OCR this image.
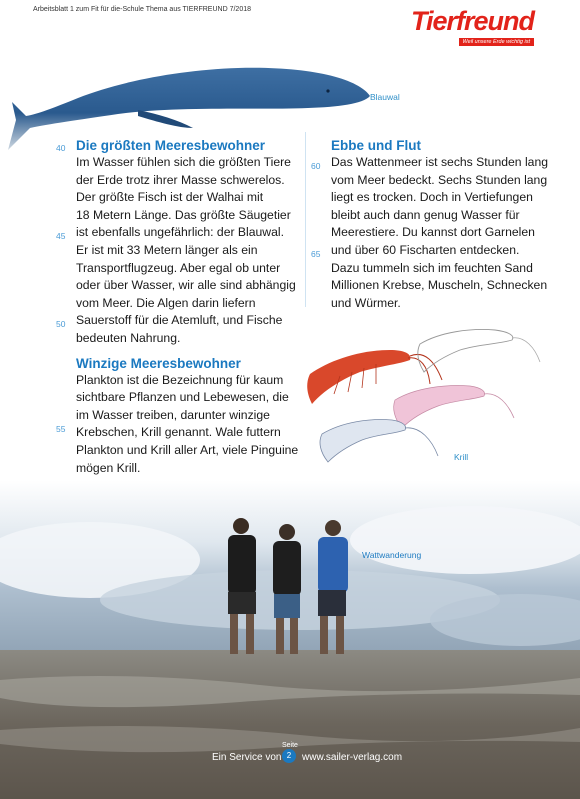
Arbeitsblatt 1 zum Fit für die-Schule Thema aus TIERFREUND 7/2018	Tierfreund
Weil unsere Erde wichtig ist
Blauwal
Die größten Meeresbewohner
Im Wasser fühlen sich die größten Tiere
der Erde trotz ihrer Masse schwerelos.
Der größte Fisch ist der Walhai mit
18 Metern Länge. Das größte Säugetier
ist ebenfalls ungefährlich: der Blauwal.
Er ist mit 33 Metern länger als ein
Transportflugzeug. Aber egal ob unter
oder über Wasser, wir alle sind abhängig
vom Meer. Die Algen darin liefern
Sauerstoff für die Atemluft, und Fische
bedeuten Nahrung.
Winzige Meeresbewohner
Plankton ist die Bezeichnung für kaum
sichtbare Pflanzen und Lebewesen, die
im Wasser treiben, darunter winzige
Krebschen, Krill genannt. Wale futtern
Plankton und Krill aller Art, viele Pinguine
mögen Krill.
Ebbe und Flut
Das Wattenmeer ist sechs Stunden lang
vom Meer bedeckt. Sechs Stunden lang
liegt es trocken. Doch in Vertiefungen
bleibt auch dann genug Wasser für
Meerestiere. Du kannst dort Garnelen
und über 60 Fischarten entdecken.
Dazu tummeln sich im feuchten Sand
Millionen Krebse, Muscheln, Schnecken
und Würmer.
40
45
50
55
60
65
Krill
Wattwanderung
Ein Service von
Seite
2	www.sailer-verlag.com
